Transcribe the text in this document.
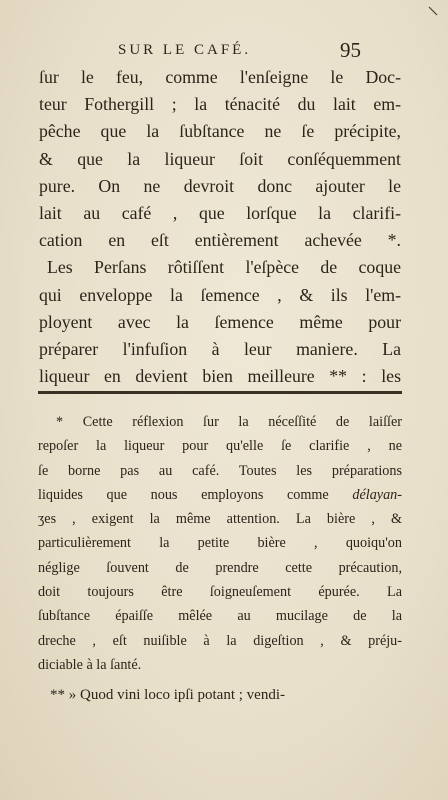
SUR LE CAFÉ.	95
ſur le feu, comme l'enſeigne le Doc-
teur Fothergill ; la ténacité du lait em-
pêche que la ſubſtance ne ſe précipite,
& que la liqueur ſoit conſéquemment
pure. On ne devroit donc ajouter le
lait au café , que lorſque la clarifi-
cation en eſt entièrement achevée *.
Les Perſans rôtiſſent l'eſpèce de coque
qui enveloppe la ſemence , & ils l'em-
ployent avec la ſemence même pour
préparer l'infuſion à leur maniere. La
liqueur en devient bien meilleure ** : les
* Cette réflexion ſur la néceſſité de laiſſer
repoſer la liqueur pour qu'elle ſe clarifie , ne
ſe borne pas au café. Toutes les préparations
liquides que nous employons comme délayan-
ʒes , exigent la même attention. La bière , &
particulièrement la petite bière , quoiqu'on
néglige ſouvent de prendre cette précaution,
doit toujours être ſoigneuſement épurée. La
ſubſtance épaiſſe mêlée au mucilage de la
dreche , eſt nuiſible à la digeſtion , & préju-
diciable à la ſanté.
** » Quod vini loco ipſi potant ; vendi-
